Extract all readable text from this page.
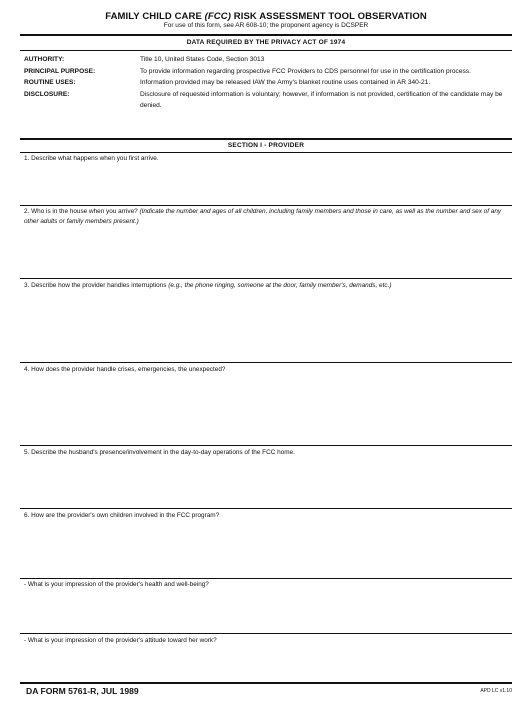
FAMILY CHILD CARE (FCC) RISK ASSESSMENT TOOL OBSERVATION
For use of this form, see AR 608-10; the proponent agency is DCSPER
DATA REQUIRED BY THE PRIVACY ACT OF 1974
AUTHORITY:	Title 10, United States Code, Section 3013
PRINCIPAL PURPOSE:	To provide information regarding prospective FCC Providers to CDS personnel for use in the certification process.
ROUTINE USES:	Information provided may be released IAW the Army's blanket routine uses contained in AR 340-21.
DISCLOSURE:	Disclosure of requested information is voluntary; however, if information is not provided, certification of the candidate may be denied.
SECTION I - PROVIDER
1. Describe what happens when you first arrive.
2. Who is in the house when you arrive? (Indicate the number and ages of all children, including family members and those in care, as well as the number and sex of any other adults or family members present.)
3. Describe how the provider handles interruptions (e.g., the phone ringing, someone at the door, family member's, demands, etc.)
4. How does the provider handle crises, emergencies, the unexpected?
5. Describe the husband's presence/involvement in the day-to-day operations of the FCC home.
6. How are the provider's own children involved in the FCC program?
- What is your impression of the provider's health and well-being?
- What is your impression of the provider's attitude toward her work?
DA FORM 5761-R, JUL 1989	APD LC v1.10
